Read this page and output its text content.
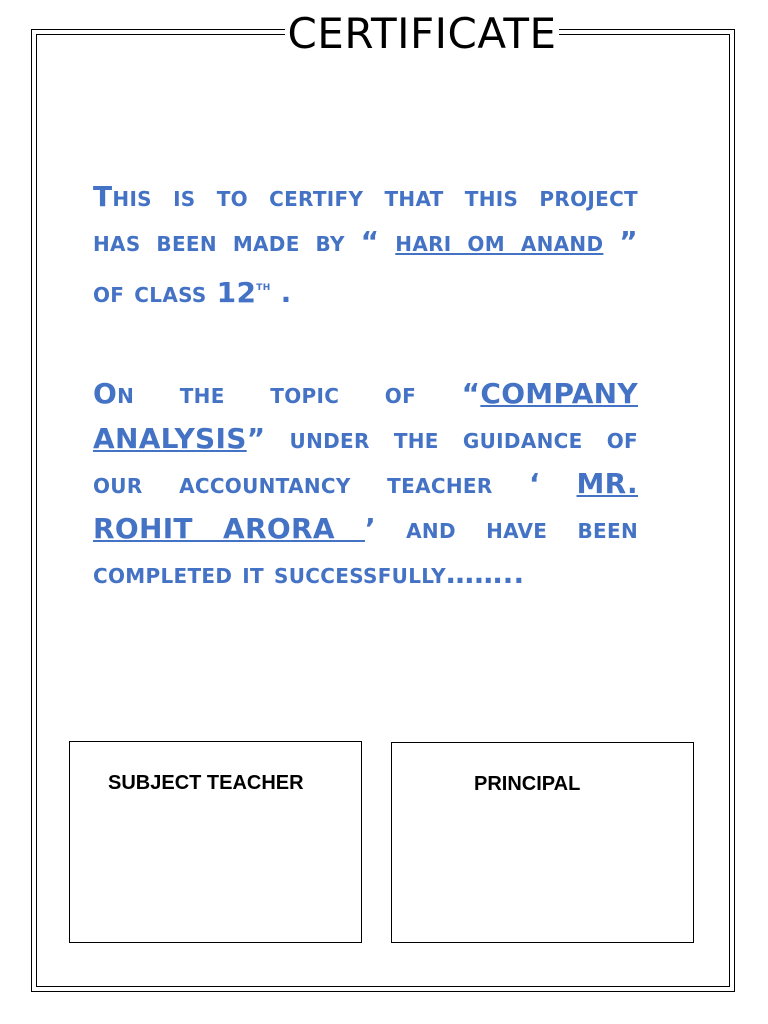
CERTIFICATE
This is to certify that this project
has been made by “ hari om anand ”
of class 12th .
On the topic of “COMPANY
ANALYSIS” under the guidance of
our accountancy teacher ‘ MR.
ROHIT ARORA ’ and have been
completed it successfully……..
SUBJECT TEACHER	PRINCIPAL
